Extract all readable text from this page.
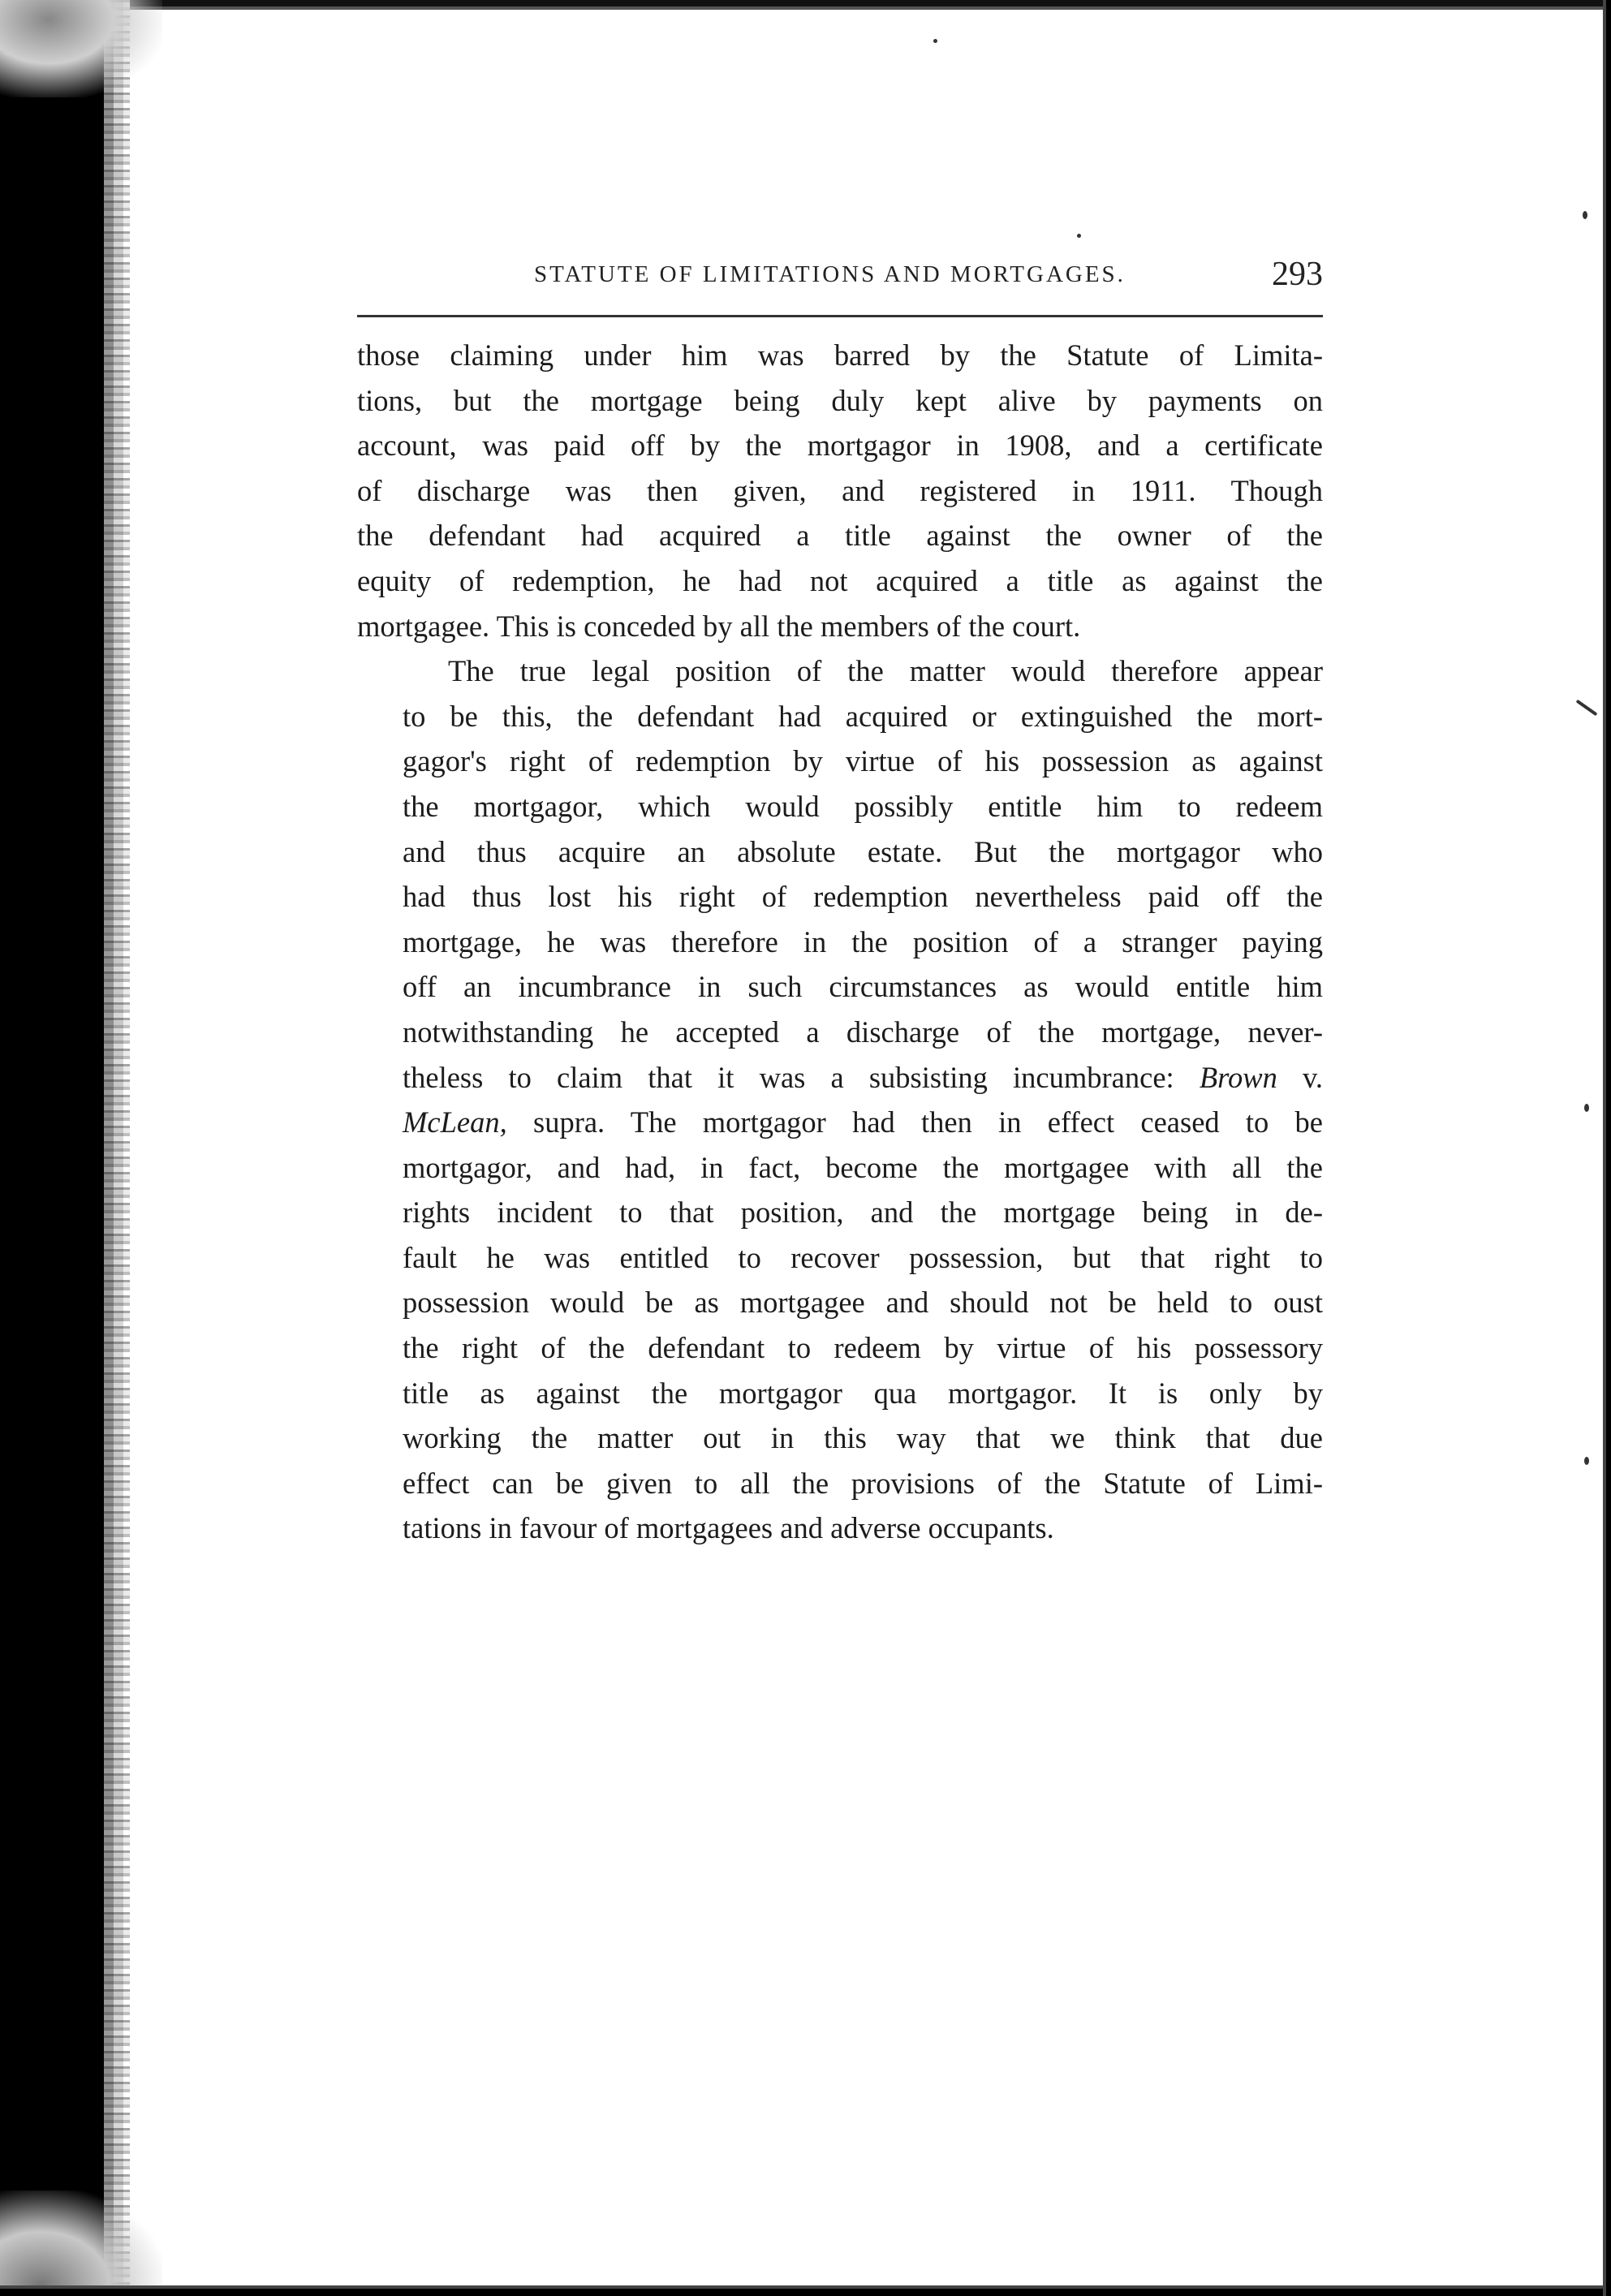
STATUTE OF LIMITATIONS AND MORTGAGES.	293

those claiming under him was barred by the Statute of Limita-
tions, but the mortgage being duly kept alive by payments on
account, was paid off by the mortgagor in 1908, and a certificate
of discharge was then given, and registered in 1911. Though
the defendant had acquired a title against the owner of the
equity of redemption, he had not acquired a title as against the
mortgagee. This is conceded by all the members of the court.

The true legal position of the matter would therefore appear
to be this, the defendant had acquired or extinguished the mort-
gagor's right of redemption by virtue of his possession as against
the mortgagor, which would possibly entitle him to redeem
and thus acquire an absolute estate. But the mortgagor who
had thus lost his right of redemption nevertheless paid off the
mortgage, he was therefore in the position of a stranger paying
off an incumbrance in such circumstances as would entitle him
notwithstanding he accepted a discharge of the mortgage, never-
theless to claim that it was a subsisting incumbrance: Brown v.
McLean, supra. The mortgagor had then in effect ceased to be
mortgagor, and had, in fact, become the mortgagee with all the
rights incident to that position, and the mortgage being in de-
fault he was entitled to recover possession, but that right to
possession would be as mortgagee and should not be held to oust
the right of the defendant to redeem by virtue of his possessory
title as against the mortgagor qua mortgagor. It is only by
working the matter out in this way that we think that due
effect can be given to all the provisions of the Statute of Limi-
tations in favour of mortgagees and adverse occupants.
